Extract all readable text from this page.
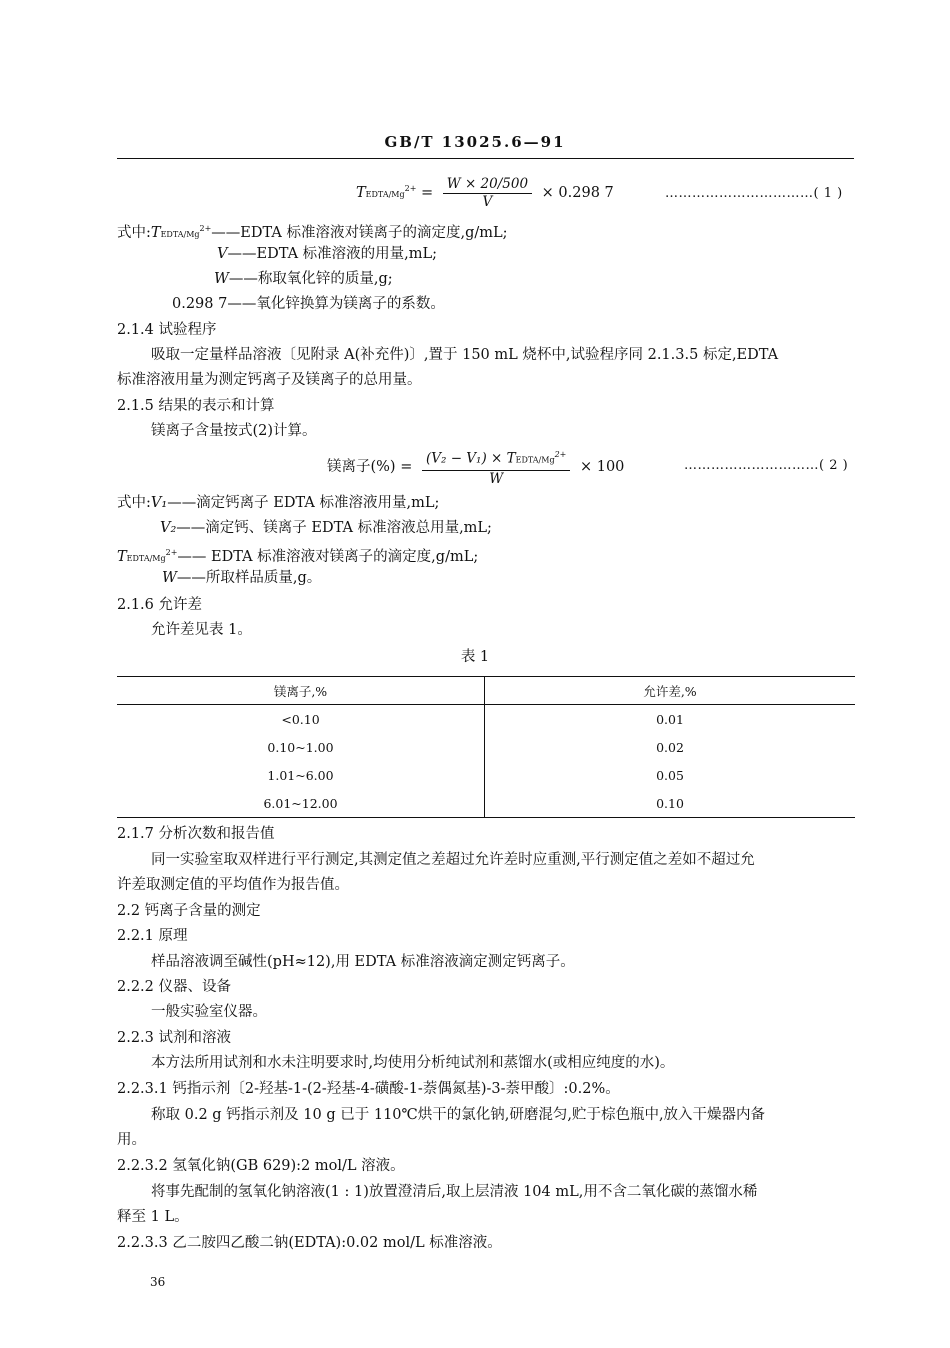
GB/T 13025.6—91
TEDTA/$Mg^{2+} = \frac{W \times 20/500}{V} \times 0.298$ 7	……………………………( 1 )
式中$:TEDTA/Mg^{2+}——EDTA$ 标准溶液对镁离子的滴定度,g/mL;
V——EDTA 标准溶液的用量,mL;
W——称取氧化锌的质量,g;
0.298 7——氧化锌换算为镁离子的系数。
2.1.4 试验程序
吸取一定量样品溶液〔见附录 A(补充件)〕,置于 150 mL 烧杯中,试验程序同 2.1.3.5 标定,EDTA
标准溶液用量为测定钙离子及镁离子的总用量。
2.1.5 结果的表示和计算
镁离子含量按式(2)计算。
镁离子(%) = $\frac{(V_2 - V_1) \times TEDTA/Mg^{2+}}{W} \times 100$	…………………………( 2 )
式中:V₁——滴定钙离子 EDTA 标准溶液用量,mL;
V₂——滴定钙、镁离子 EDTA 标准溶液总用量,mL;
TEDTA/$Mg^{2+}——$ EDTA 标准溶液对镁离子的滴定度,g/mL;
W——所取样品质量,g。
2.1.6 允许差
允许差见表 1。
表 1
镁离子,%	允许差,%
<0.10	0.01
0.10~1.00	0.02
1.01~6.00	0.05
6.01~12.00	0.10
2.1.7 分析次数和报告值
同一实验室取双样进行平行测定,其测定值之差超过允许差时应重测,平行测定值之差如不超过允
许差取测定值的平均值作为报告值。
2.2 钙离子含量的测定
2.2.1 原理
样品溶液调至碱性(pH≈12),用 EDTA 标准溶液滴定测定钙离子。
2.2.2 仪器、设备
一般实验室仪器。
2.2.3 试剂和溶液
本方法所用试剂和水未注明要求时,均使用分析纯试剂和蒸馏水(或相应纯度的水)。
2.2.3.1 钙指示剂〔2-羟基-1-(2-羟基-4-磺酸-1-萘偶氮基)-3-萘甲酸〕:0.2%。
称取 0.2 g 钙指示剂及 10 g 已于 110℃烘干的氯化钠,研磨混匀,贮于棕色瓶中,放入干燥器内备
用。
2.2.3.2 氢氧化钠(GB 629):2 mol/L 溶液。
将事先配制的氢氧化钠溶液(1 : 1)放置澄清后,取上层清液 104 mL,用不含二氧化碳的蒸馏水稀
释至 1 L。
2.2.3.3 乙二胺四乙酸二钠(EDTA):0.02 mol/L 标准溶液。
36
